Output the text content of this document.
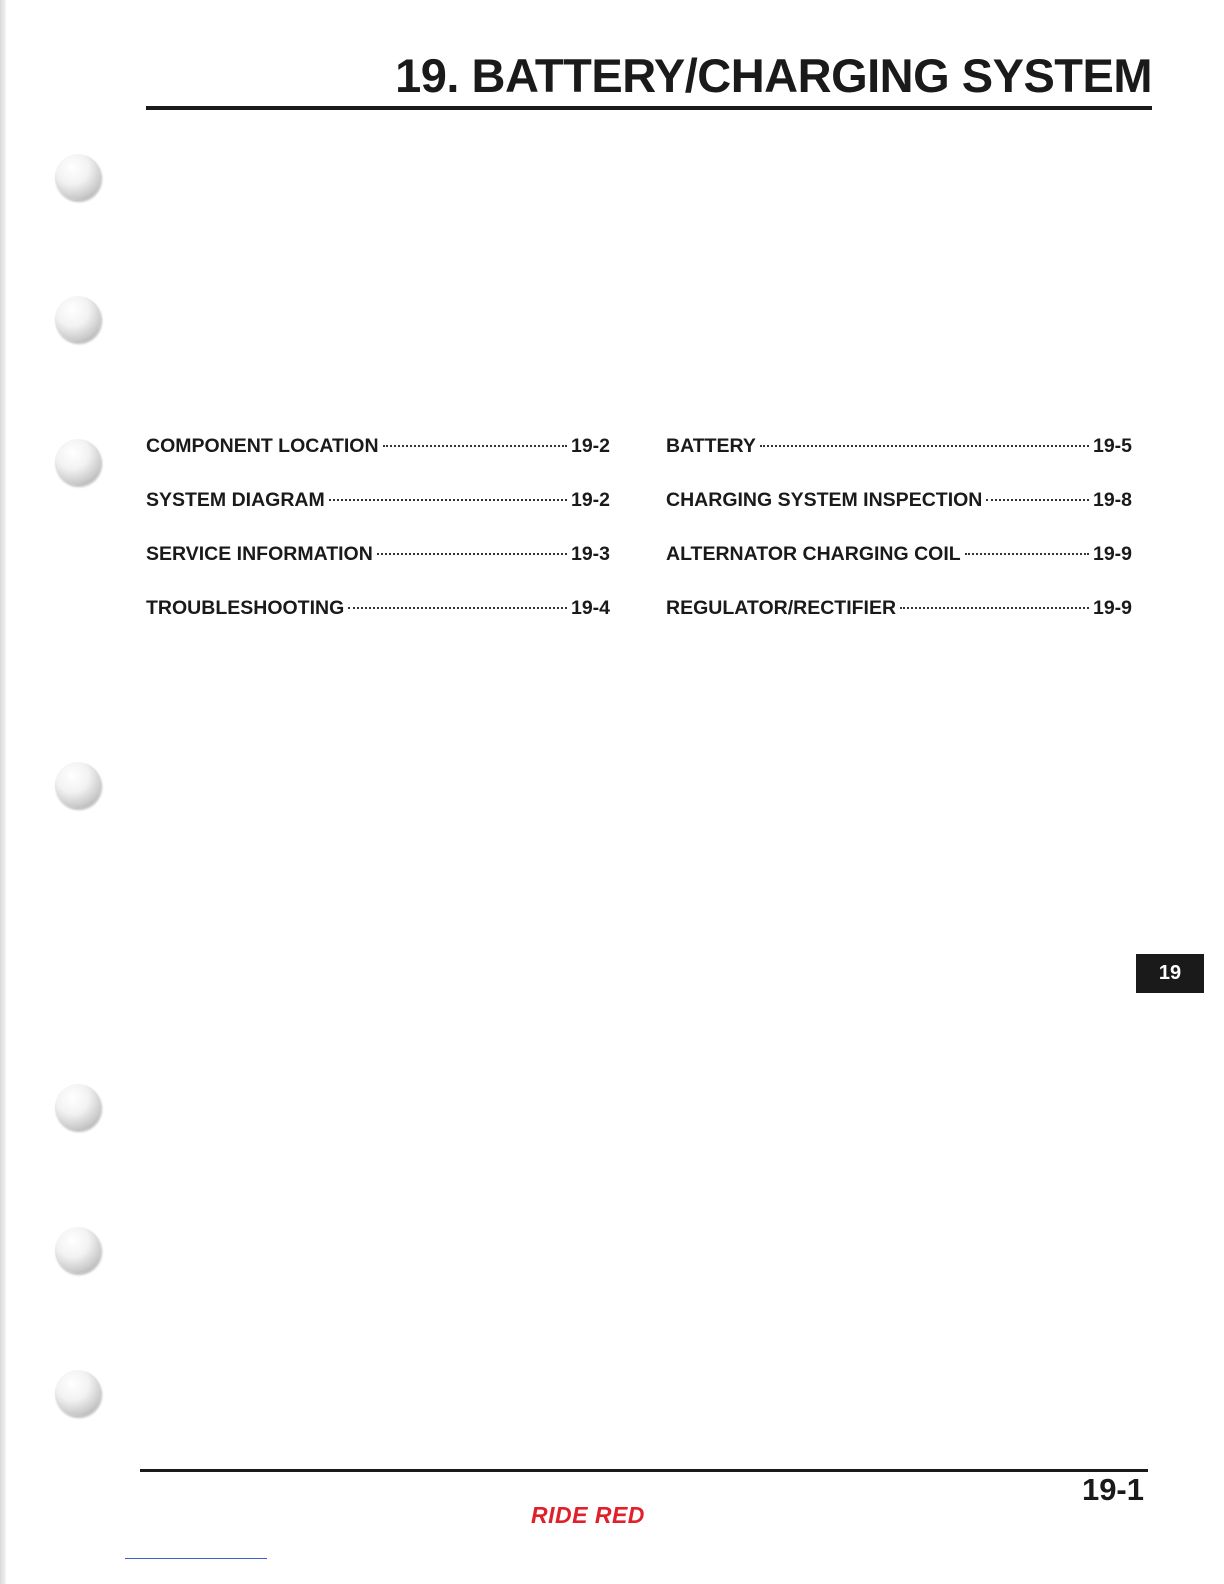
19. BATTERY/CHARGING SYSTEM
COMPONENT LOCATION	19-2
SYSTEM DIAGRAM	19-2
SERVICE INFORMATION	19-3
TROUBLESHOOTING	19-4
BATTERY	19-5
CHARGING SYSTEM INSPECTION	19-8
ALTERNATOR CHARGING COIL	19-9
REGULATOR/RECTIFIER	19-9
19
19-1
RIDE RED
